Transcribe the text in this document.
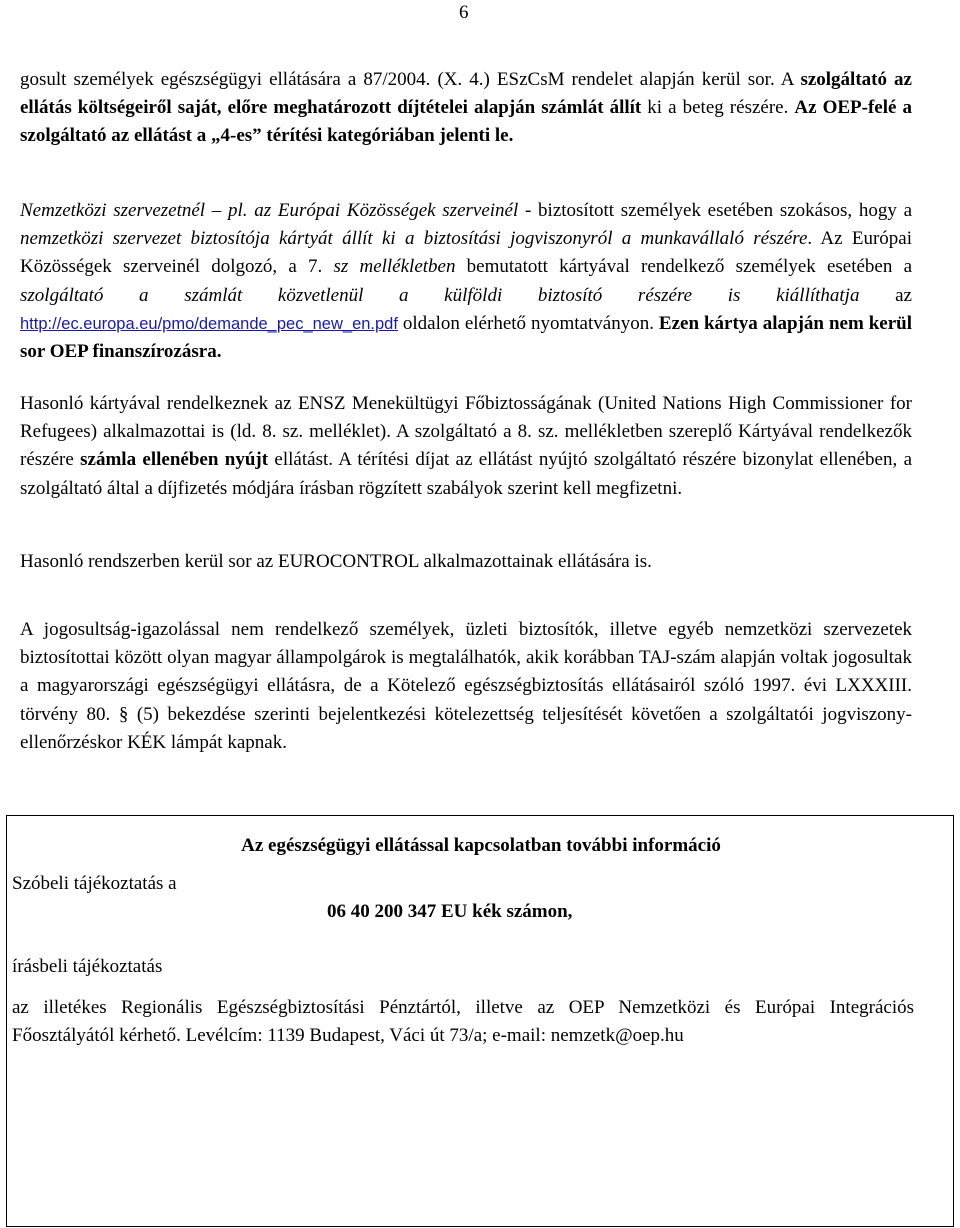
6

gosult személyek egészségügyi ellátására a 87/2004. (X. 4.) ESzCsM rendelet alapján kerül sor. A szolgáltató az ellátás költségeiről saját, előre meghatározott díjtételei alapján számlát állít ki a beteg részére. Az OEP-felé a szolgáltató az ellátást a „4-es” térítési kategóriában jelenti le.

Nemzetközi szervezetnél – pl. az Európai Közösségek szerveinél - biztosított személyek esetében szokásos, hogy a nemzetközi szervezet biztosítója kártyát állít ki a biztosítási jogviszonyról a munkavállaló részére. Az Európai Közösségek szerveinél dolgozó, a 7. sz mellékletben bemutatott kártyával rendelkező személyek esetében a szolgáltató a számlát közvetlenül a külföldi biztosító részére is kiállíthatja az http://ec.europa.eu/pmo/demande_pec_new_en.pdf oldalon elérhető nyomtatványon. Ezen kártya alapján nem kerül sor OEP finanszírozásra.

Hasonló kártyával rendelkeznek az ENSZ Menekültügyi Főbiztosságának (United Nations High Commissioner for Refugees) alkalmazottai is (ld. 8. sz. melléklet). A szolgáltató a 8. sz. mellékletben szereplő Kártyával rendelkezők részére számla ellenében nyújt ellátást. A térítési díjat az ellátást nyújtó szolgáltató részére bizonylat ellenében, a szolgáltató által a díjfizetés módjára írásban rögzített szabályok szerint kell megfizetni.

Hasonló rendszerben kerül sor az EUROCONTROL alkalmazottainak ellátására is.

A jogosultság-igazolással nem rendelkező személyek, üzleti biztosítók, illetve egyéb nemzetközi szervezetek biztosítottai között olyan magyar állampolgárok is megtalálhatók, akik korábban TAJ-szám alapján voltak jogosultak a magyarországi egészségügyi ellátásra, de a Kötelező egészségbiztosítás ellátásairól szóló 1997. évi LXXXIII. törvény 80. § (5) bekezdése szerinti bejelentkezési kötelezettség teljesítését követően a szolgáltatói jogviszony-ellenőrzéskor KÉK lámpát kapnak.

Az egészségügyi ellátással kapcsolatban további információ
Szóbeli tájékoztatás a
06 40 200 347 EU kék számon,
írásbeli tájékoztatás
az illetékes Regionális Egészségbiztosítási Pénztártól, illetve az OEP Nemzetközi és Európai Integrációs Főosztályától kérhető. Levélcím: 1139 Budapest, Váci út 73/a; e-mail: nemzetk@oep.hu
